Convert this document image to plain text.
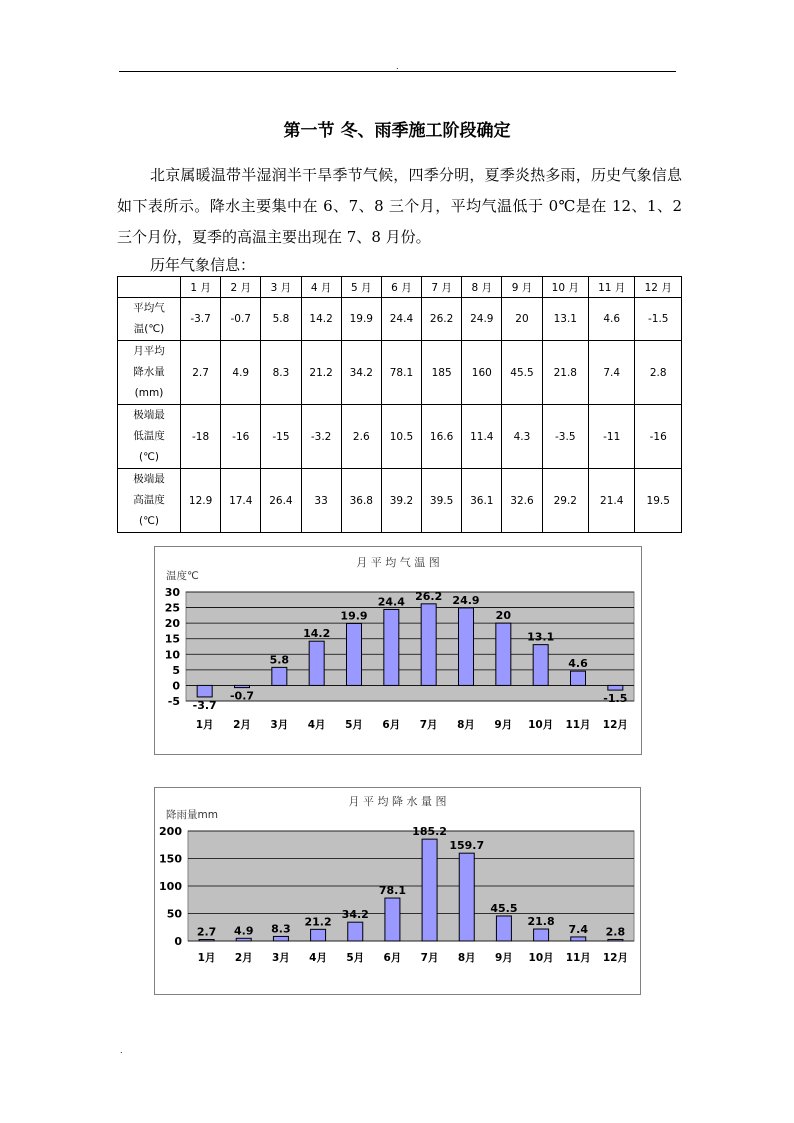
.
第一节 冬、雨季施工阶段确定

北京属暖温带半湿润半干旱季节气候，四季分明，夏季炎热多雨，历史气象信息如下表所示。降水主要集中在 6、7、8 三个月，平均气温低于 0℃是在 12、1、2 三个月份，夏季的高温主要出现在 7、8 月份。

历年气象信息：
	1 月	2 月	3 月	4 月	5 月	6 月	7 月	8 月	9 月	10 月	11 月	12 月

平均气
温(℃)	-3.7	-0.7	5.8	14.2	19.9	24.4	26.2	24.9	20	13.1	4.6	-1.5

月平均
降水量
(mm)	2.7	4.9	8.3	21.2	34.2	78.1	185	160	45.5	21.8	7.4	2.8

极端最
低温度
(℃)	-18	-16	-15	-3.2	2.6	10.5	16.6	11.4	4.3	-3.5	-11	-16

极端最
高温度
(℃)	12.9	17.4	26.4	33	36.8	39.2	39.5	36.1	32.6	29.2	21.4	19.5
月 平 均 气 温 图
温度℃
-5
0
5
10
15
20
25
30
-3.7
1月
-0.7
2月
5.8
3月
14.2
4月
19.9
5月
24.4
6月
26.2
7月
24.9
8月
20
9月
13.1
10月
4.6
11月
-1.5
12月
月 平 均 降 水 量 图
降雨量mm
0
50
100
150
200
2.7
1月
4.9
2月
8.3
3月
21.2
4月
34.2
5月
78.1
6月
185.2
7月
159.7
8月
45.5
9月
21.8
10月
7.4
11月
2.8
12月
.
